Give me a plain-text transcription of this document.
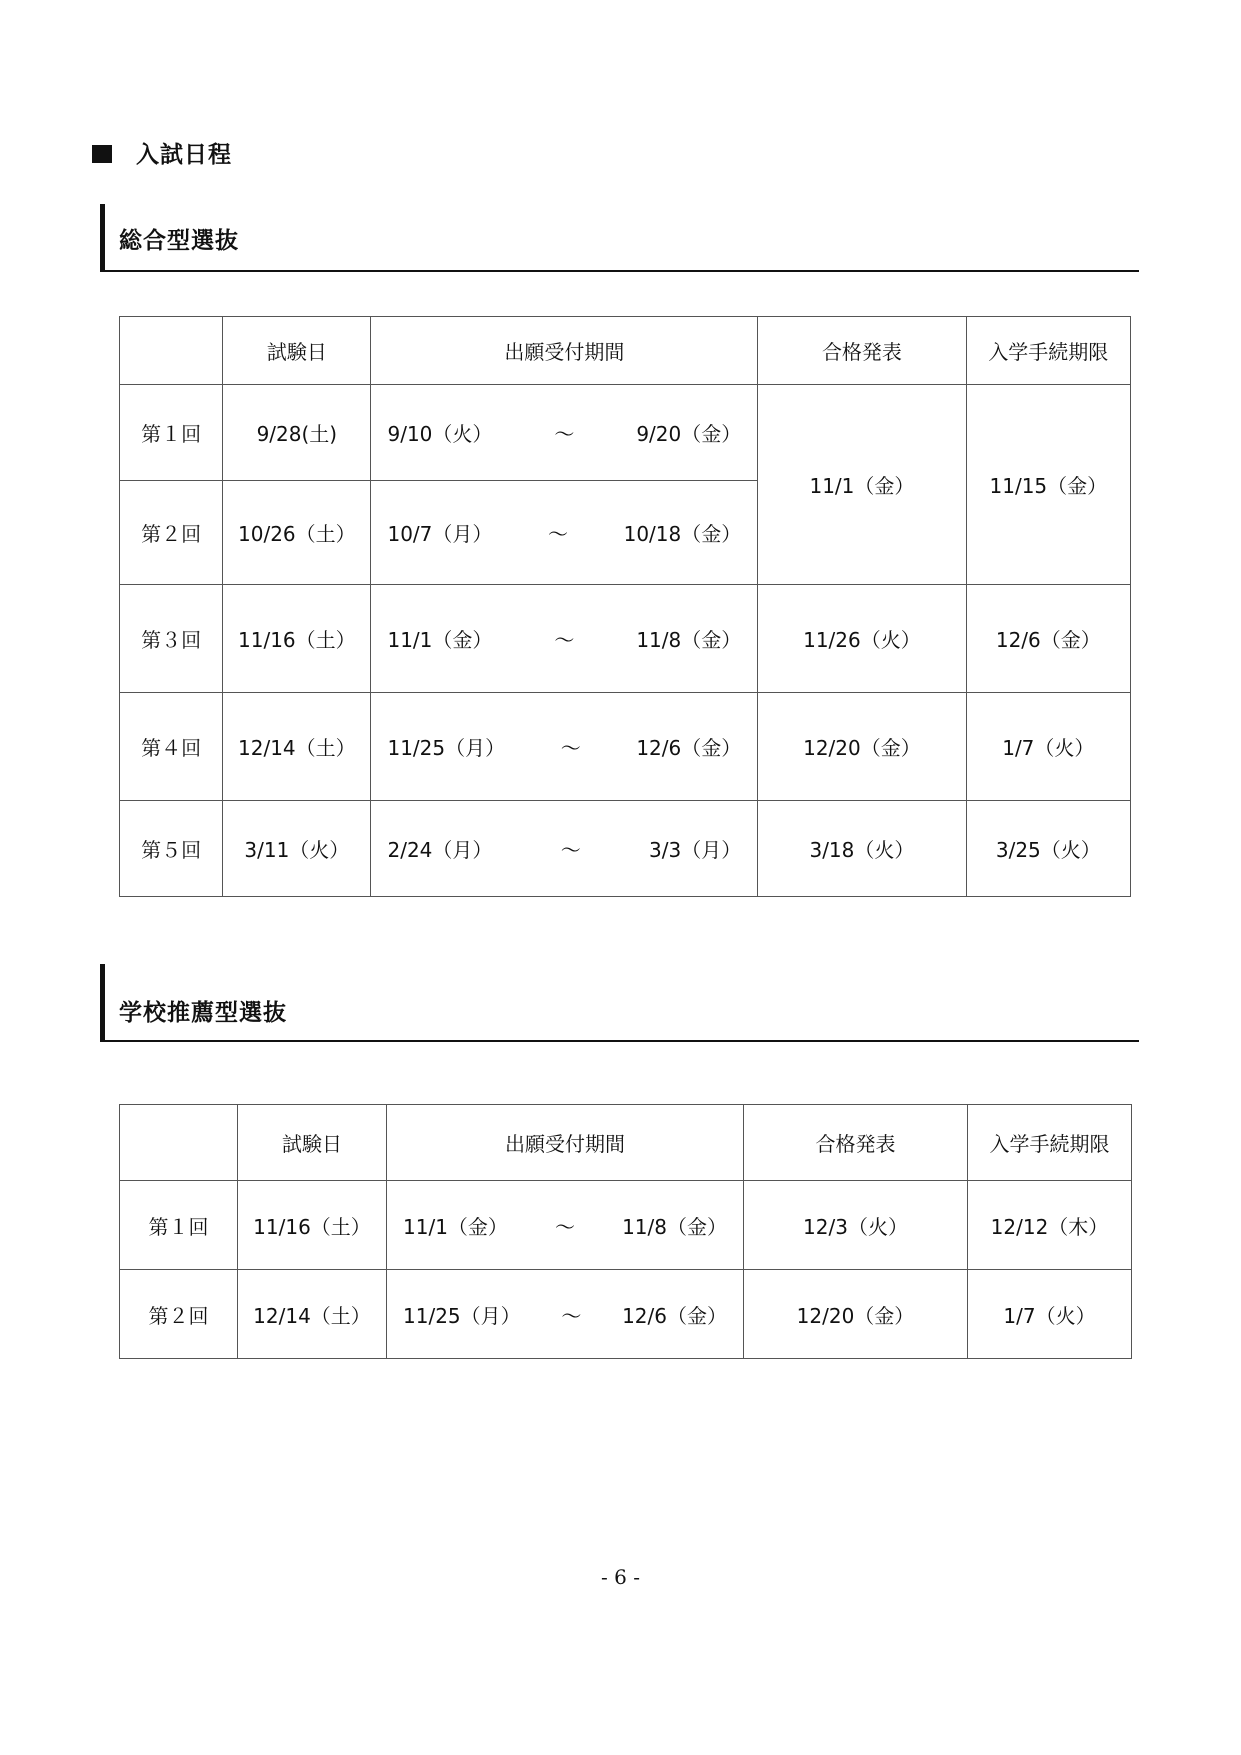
入試日程
総合型選抜
	試験日	出願受付期間	合格発表	入学手続期限
第１回	9/28(土)	9/10（火） ～ 9/20（金）	11/1（金）	11/15（金）
第２回	10/26（土）	10/7（月） ～ 10/18（金）		

第３回	11/16（土）	11/1（金） ～ 11/8（金）	11/26（火）	12/6（金）
第４回	12/14（土）	11/25（月） ～ 12/6（金）	12/20（金）	1/7（火）
第５回	3/11（火）	2/24（月） ～ 3/3（月）	3/18（火）	3/25（火）
学校推薦型選抜
	試験日	出願受付期間	合格発表	入学手続期限
第１回	11/16（土）	11/1（金） ～ 11/8（金）	12/3（火）	12/12（木）
第２回	12/14（土）	11/25（月） ～ 12/6（金）	12/20（金）	1/7（火）
- 6 -
